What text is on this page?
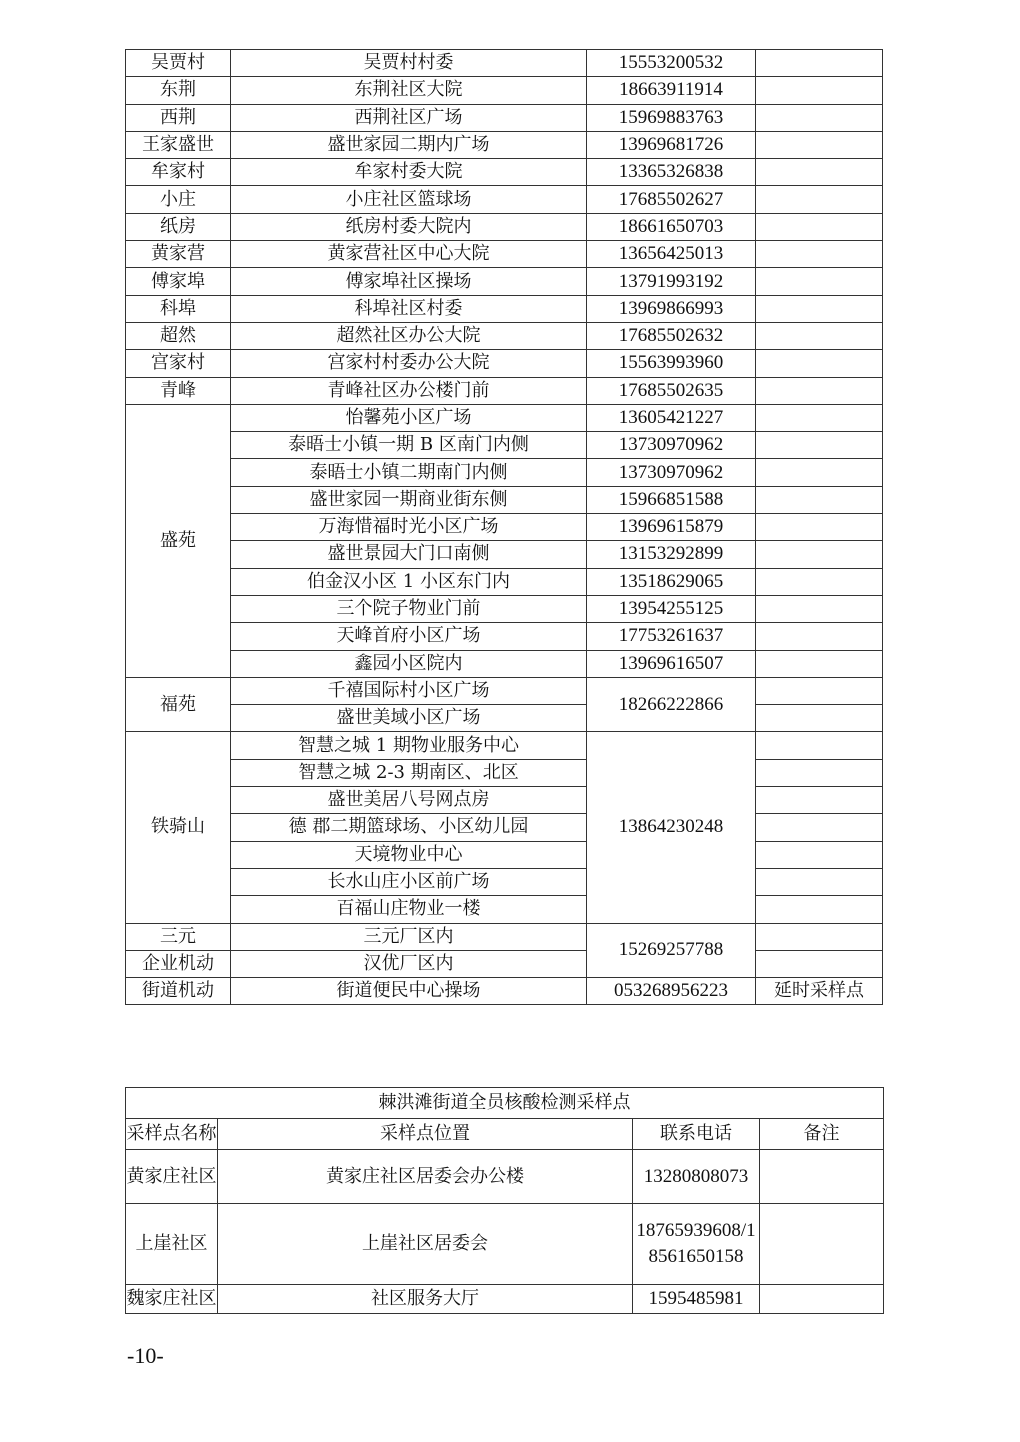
吴贾村	吴贾村村委	15553200532	
东荆	东荆社区大院	18663911914	
西荆	西荆社区广场	15969883763	
王家盛世	盛世家园二期内广场	13969681726	
牟家村	牟家村委大院	13365326838	
小庄	小庄社区篮球场	17685502627	
纸房	纸房村委大院内	18661650703	
黄家营	黄家营社区中心大院	13656425013	
傅家埠	傅家埠社区操场	13791993192	
科埠	科埠社区村委	13969866993	
超然	超然社区办公大院	17685502632	
宫家村	宫家村村委办公大院	15563993960	
青峰	青峰社区办公楼门前	17685502635	
盛苑	怡馨苑小区广场	13605421227	
	泰晤士小镇一期 B 区南门内侧	13730970962	
	泰晤士小镇二期南门内侧	13730970962	
	盛世家园一期商业街东侧	15966851588	
	万海惜福时光小区广场	13969615879	
	盛世景园大门口南侧	13153292899	
	伯金汉小区 1 小区东门内	13518629065	
	三个院子物业门前	13954255125	
	天峰首府小区广场	17753261637	
	鑫园小区院内	13969616507	
福苑	千禧国际村小区广场	18266222866	
	盛世美域小区广场		
铁骑山	智慧之城 1 期物业服务中心	13864230248	
	智慧之城 2-3 期南区、北区		
	盛世美居八号网点房		
	德 郡二期篮球场、小区幼儿园		
	天境物业中心		
	长水山庄小区前广场		
	百福山庄物业一楼		
三元	三元厂区内	15269257788	
企业机动	汉优厂区内		
街道机动	街道便民中心操场	053268956223	延时采样点
棘洪滩街道全员核酸检测采样点			
采样点名称	采样点位置	联系电话	备注
黄家庄社区	黄家庄社区居委会办公楼	13280808073	
上崖社区	上崖社区居委会	18765939608/18561650158	
魏家庄社区	社区服务大厅	1595485981	
-10-
